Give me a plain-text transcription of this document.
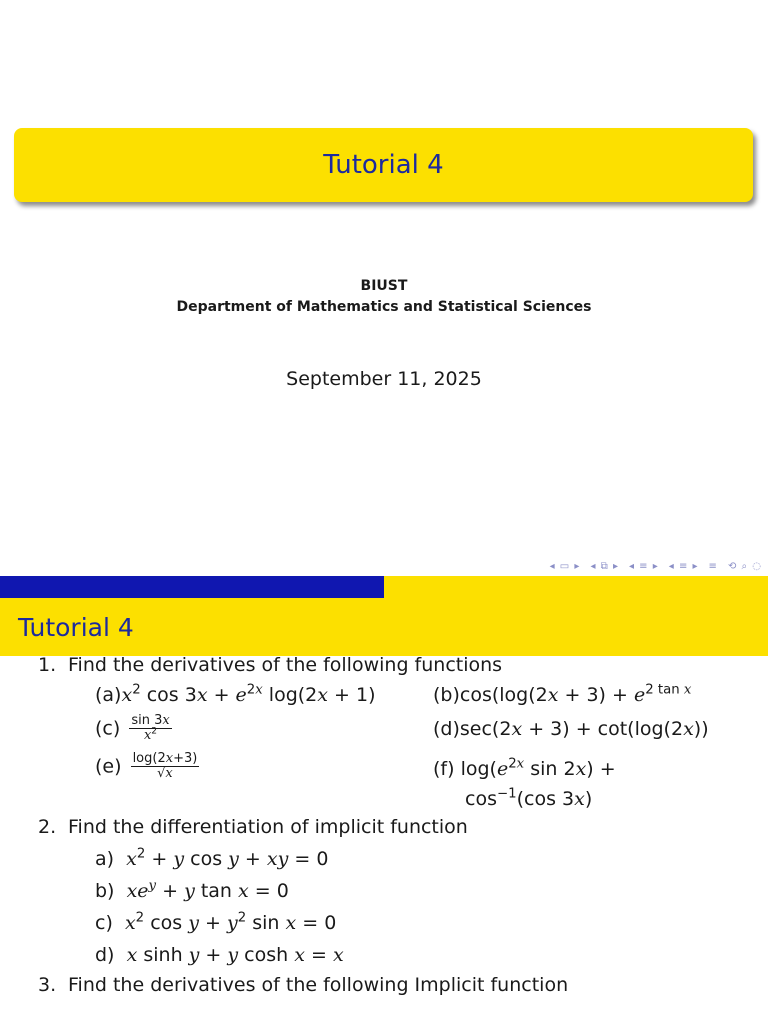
Tutorial 4
BIUST
Department of Mathematics and Statistical Sciences
September 11, 2025
◂ ▭ ▸ ◂ ⧉ ▸ ◂ ≡ ▸ ◂ ≡ ▸ ≡ ⟲ ⌕ ◌
Tutorial 4
1. Find the derivatives of the following functions
$(a)x^2$ $\cos 3x + e^{2x}$ log(2x + 1)	$(b)\cos(\log(2x + 3) + e^{2 tan x}$
$(c) \frac{\sin 3x}{x^2}$	(d)sec(2x + 3) + cot(log(2x))
$(e) \frac{\log(2x+3)}{√x}$	(f) $\log(e^{2x}$ sin 2x) +
$\cos^{-1}(\cos$ 3x)
2. Find the differentiation of implicit function
a) $x^2 + y$ cos y + xy = 0
b) $xe^y + y$ tan x = 0
c) $x^2$ $\cos y + y^2$ sin x = 0
d) x sinh y + y cosh x = x
3. Find the derivatives of the following Implicit function
